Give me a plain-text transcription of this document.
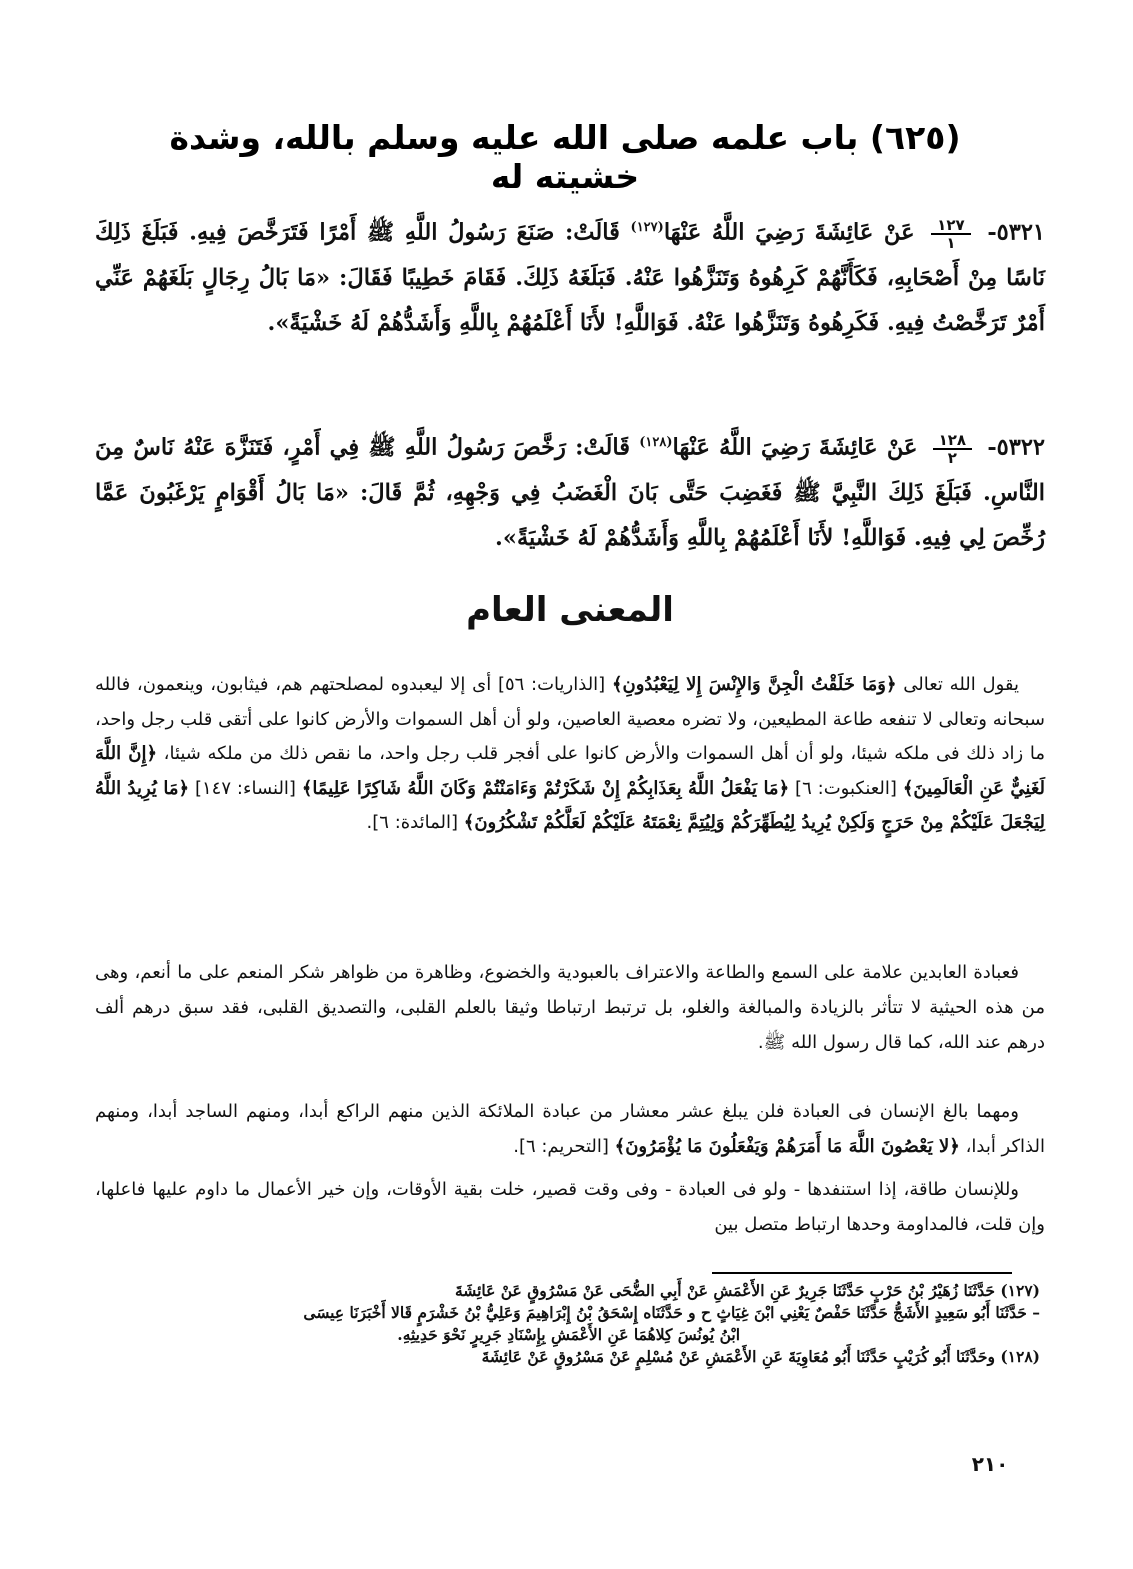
(٦٢٥) باب علمه صلى الله عليه وسلم بالله، وشدة خشيته له
٥٣٢١-
$\frac{١٢٧}{١}$
عَنْ عَائِشَةَ رَضِيَ اللَّهُ عَنْهَا$^{(١٢٧)}$ قَالَتْ: صَنَعَ رَسُولُ اللَّهِ ﷺ أَمْرًا فَتَرَخَّصَ فِيهِ. فَبَلَغَ ذَلِكَ نَاسًا مِنْ أَصْحَابِهِ، فَكَأَنَّهُمْ كَرِهُوهُ وَتَنَزَّهُوا عَنْهُ. فَبَلَغَهُ ذَلِكَ. فَقَامَ خَطِيبًا فَقَالَ: «مَا بَالُ رِجَالٍ بَلَغَهُمْ عَنِّي أَمْرٌ تَرَخَّصْتُ فِيهِ. فَكَرِهُوهُ وَتَنَزَّهُوا عَنْهُ. فَوَاللَّهِ! لأَنَا أَعْلَمُهُمْ بِاللَّهِ وَأَشَدُّهُمْ لَهُ خَشْيَةً».
٥٣٢٢-
$\frac{١٢٨}{٢}$
عَنْ عَائِشَةَ رَضِيَ اللَّهُ عَنْهَا$^{(١٢٨)}$ قَالَتْ: رَخَّصَ رَسُولُ اللَّهِ ﷺ فِي أَمْرٍ، فَتَنَزَّهَ عَنْهُ نَاسٌ مِنَ النَّاسِ. فَبَلَغَ ذَلِكَ النَّبِيَّ ﷺ فَغَضِبَ حَتَّى بَانَ الْغَضَبُ فِي وَجْهِهِ، ثُمَّ قَالَ: «مَا بَالُ أَقْوَامٍ يَرْغَبُونَ عَمَّا رُخِّصَ لِي فِيهِ. فَوَاللَّهِ! لأَنَا أَعْلَمُهُمْ بِاللَّهِ وَأَشَدُّهُمْ لَهُ خَشْيَةً».
المعنى العام
يقول الله تعالى ﴿وَمَا خَلَقْتُ الْجِنَّ وَالإِنْسَ إِلا لِيَعْبُدُونِ﴾ [الذاريات: ٥٦] أى إلا ليعبدوه لمصلحتهم هم، فيثابون، وينعمون، فالله سبحانه وتعالى لا تنفعه طاعة المطيعين، ولا تضره معصية العاصين، ولو أن أهل السموات والأرض كانوا على أتقى قلب رجل واحد، ما زاد ذلك فى ملكه شيئا، ولو أن أهل السموات والأرض كانوا على أفجر قلب رجل واحد، ما نقص ذلك من ملكه شيئا، ﴿إِنَّ اللَّهَ لَغَنِيٌّ عَنِ الْعَالَمِينَ﴾ [العنكبوت: ٦] ﴿مَا يَفْعَلُ اللَّهُ بِعَذَابِكُمْ إِنْ شَكَرْتُمْ وَءَامَنْتُمْ وَكَانَ اللَّهُ شَاكِرًا عَلِيمًا﴾ [النساء: ١٤٧] ﴿مَا يُرِيدُ اللَّهُ لِيَجْعَلَ عَلَيْكُمْ مِنْ حَرَجٍ وَلَكِنْ يُرِيدُ لِيُطَهِّرَكُمْ وَلِيُتِمَّ نِعْمَتَهُ عَلَيْكُمْ لَعَلَّكُمْ تَشْكُرُونَ﴾ [المائدة: ٦].
فعبادة العابدين علامة على السمع والطاعة والاعتراف بالعبودية والخضوع، وظاهرة من ظواهر شكر المنعم على ما أنعم، وهى من هذه الحيثية لا تتأثر بالزيادة والمبالغة والغلو، بل ترتبط ارتباطا وثيقا بالعلم القلبى، والتصديق القلبى، فقد سبق درهم ألف درهم عند الله، كما قال رسول الله ﷺ.
ومهما بالغ الإنسان فى العبادة فلن يبلغ عشر معشار من عبادة الملائكة الذين منهم الراكع أبدا، ومنهم الساجد أبدا، ومنهم الذاكر أبدا، ﴿لا يَعْصُونَ اللَّهَ مَا أَمَرَهُمْ وَيَفْعَلُونَ مَا يُؤْمَرُونَ﴾ [التحريم: ٦].
وللإنسان طاقة، إذا استنفدها - ولو فى العبادة - وفى وقت قصير، خلت بقية الأوقات، وإن خير الأعمال ما داوم عليها فاعلها، وإن قلت، فالمداومة وحدها ارتباط متصل بين
(١٢٧) حَدَّثَنَا زُهَيْرُ بْنُ حَرْبٍ حَدَّثَنَا جَرِيرٌ عَنِ الأَعْمَشِ عَنْ أَبِي الضُّحَى عَنْ مَسْرُوقٍ عَنْ عَائِشَةَ
– حَدَّثَنَا أَبُو سَعِيدٍ الأَشَجُّ حَدَّثَنَا حَفْصٌ يَعْنِي ابْنَ غِيَاثٍ ح و حَدَّثَنَاه إِسْحَقُ بْنُ إِبْرَاهِيمَ وَعَلِيُّ بْنُ خَشْرَمٍ قَالا أَخْبَرَنَا عِيسَى
ابْنُ يُونُسَ كِلاهُمَا عَنِ الأَعْمَشِ بِإِسْنَادِ جَرِيرٍ نَحْوَ حَدِيثِهِ.
(١٢٨) وحَدَّثَنَا أَبُو كُرَيْبٍ حَدَّثَنَا أَبُو مُعَاوِيَةَ عَنِ الأَعْمَشِ عَنْ مُسْلِمٍ عَنْ مَسْرُوقٍ عَنْ عَائِشَةَ
٢١٠
